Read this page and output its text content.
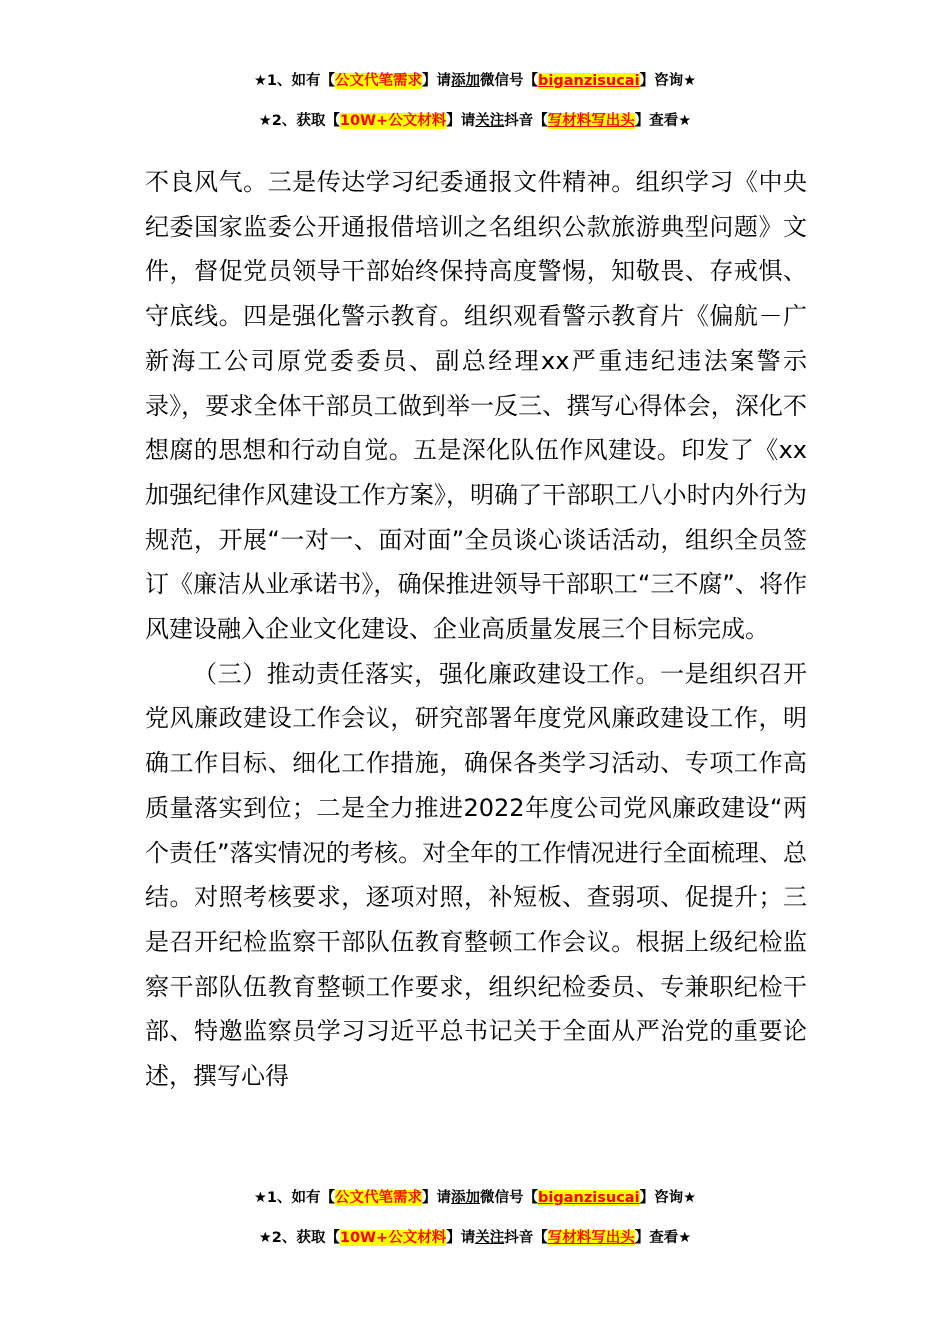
★1、如有【公文代笔需求】请添加微信号【biganzisucai】咨询★
★2、获取【10W+公文材料】请关注抖音【写材料写出头】查看★

不良风气。三是传达学习纪委通报文件精神。组织学习《中央纪委国家监委公开通报借培训之名组织公款旅游典型问题》文件，督促党员领导干部始终保持高度警惕，知敬畏、存戒惧、守底线。四是强化警示教育。组织观看警示教育片《偏航－广新海工公司原党委委员、副总经理xx严重违纪违法案警示录》，要求全体干部员工做到举一反三、撰写心得体会，深化不想腐的思想和行动自觉。五是深化队伍作风建设。印发了《xx加强纪律作风建设工作方案》，明确了干部职工八小时内外行为规范，开展“一对一、面对面”全员谈心谈话活动，组织全员签订《廉洁从业承诺书》，确保推进领导干部职工“三不腐”、将作风建设融入企业文化建设、企业高质量发展三个目标完成。

（三）推动责任落实，强化廉政建设工作。一是组织召开党风廉政建设工作会议，研究部署年度党风廉政建设工作，明确工作目标、细化工作措施，确保各类学习活动、专项工作高质量落实到位；二是全力推进2022年度公司党风廉政建设“两个责任”落实情况的考核。对全年的工作情况进行全面梳理、总结。对照考核要求，逐项对照，补短板、查弱项、促提升；三是召开纪检监察干部队伍教育整顿工作会议。根据上级纪检监察干部队伍教育整顿工作要求，组织纪检委员、专兼职纪检干部、特邀监察员学习习近平总书记关于全面从严治党的重要论述，撰写心得

★1、如有【公文代笔需求】请添加微信号【biganzisucai】咨询★
★2、获取【10W+公文材料】请关注抖音【写材料写出头】查看★
